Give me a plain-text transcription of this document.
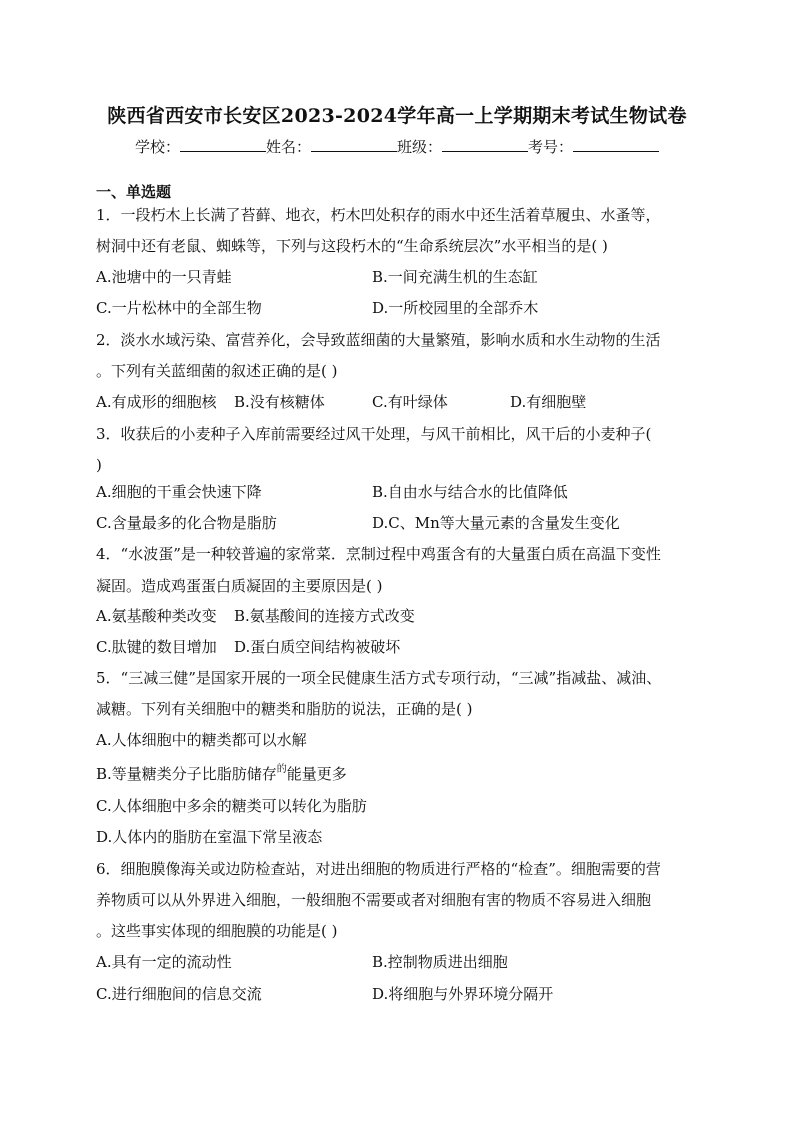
陕西省西安市长安区2023-2024学年高一上学期期末考试生物试卷
学校：	姓名：	班级：	考号：
一、单选题
1．一段朽木上长满了苔藓、地衣，朽木凹处积存的雨水中还生活着草履虫、水蚤等，
树洞中还有老鼠、蜘蛛等，下列与这段朽木的“生命系统层次”水平相当的是( )
A.池塘中的一只青蛙	B.一间充满生机的生态缸
C.一片松林中的全部生物	D.一所校园里的全部乔木
2．淡水水域污染、富营养化，会导致蓝细菌的大量繁殖，影响水质和水生动物的生活
。下列有关蓝细菌的叙述正确的是( )
A.有成形的细胞核 B.没有核糖体	C.有叶绿体	D.有细胞壁
3．收获后的小麦种子入库前需要经过风干处理，与风干前相比，风干后的小麦种子(
)
A.细胞的干重会快速下降	B.自由水与结合水的比值降低
C.含量最多的化合物是脂肪	D.C、Mn等大量元素的含量发生变化
4．“水波蛋”是一种较普遍的家常菜．烹制过程中鸡蛋含有的大量蛋白质在高温下变性
凝固。造成鸡蛋蛋白质凝固的主要原因是( )
A.氨基酸种类改变 B.氨基酸间的连接方式改变
C.肽键的数目增加 D.蛋白质空间结构被破坏
5．“三减三健”是国家开展的一项全民健康生活方式专项行动，“三减”指减盐、减油、
减糖。下列有关细胞中的糖类和脂肪的说法，正确的是( )
A.人体细胞中的糖类都可以水解
B.等量糖类分子比脂肪储存$^的$能量更多
C.人体细胞中多余的糖类可以转化为脂肪
D.人体内的脂肪在室温下常呈液态
6．细胞膜像海关或边防检查站，对进出细胞的物质进行严格的“检查”。细胞需要的营
养物质可以从外界进入细胞，一般细胞不需要或者对细胞有害的物质不容易进入细胞
。这些事实体现的细胞膜的功能是( )
A.具有一定的流动性	B.控制物质进出细胞
C.进行细胞间的信息交流	D.将细胞与外界环境分隔开
